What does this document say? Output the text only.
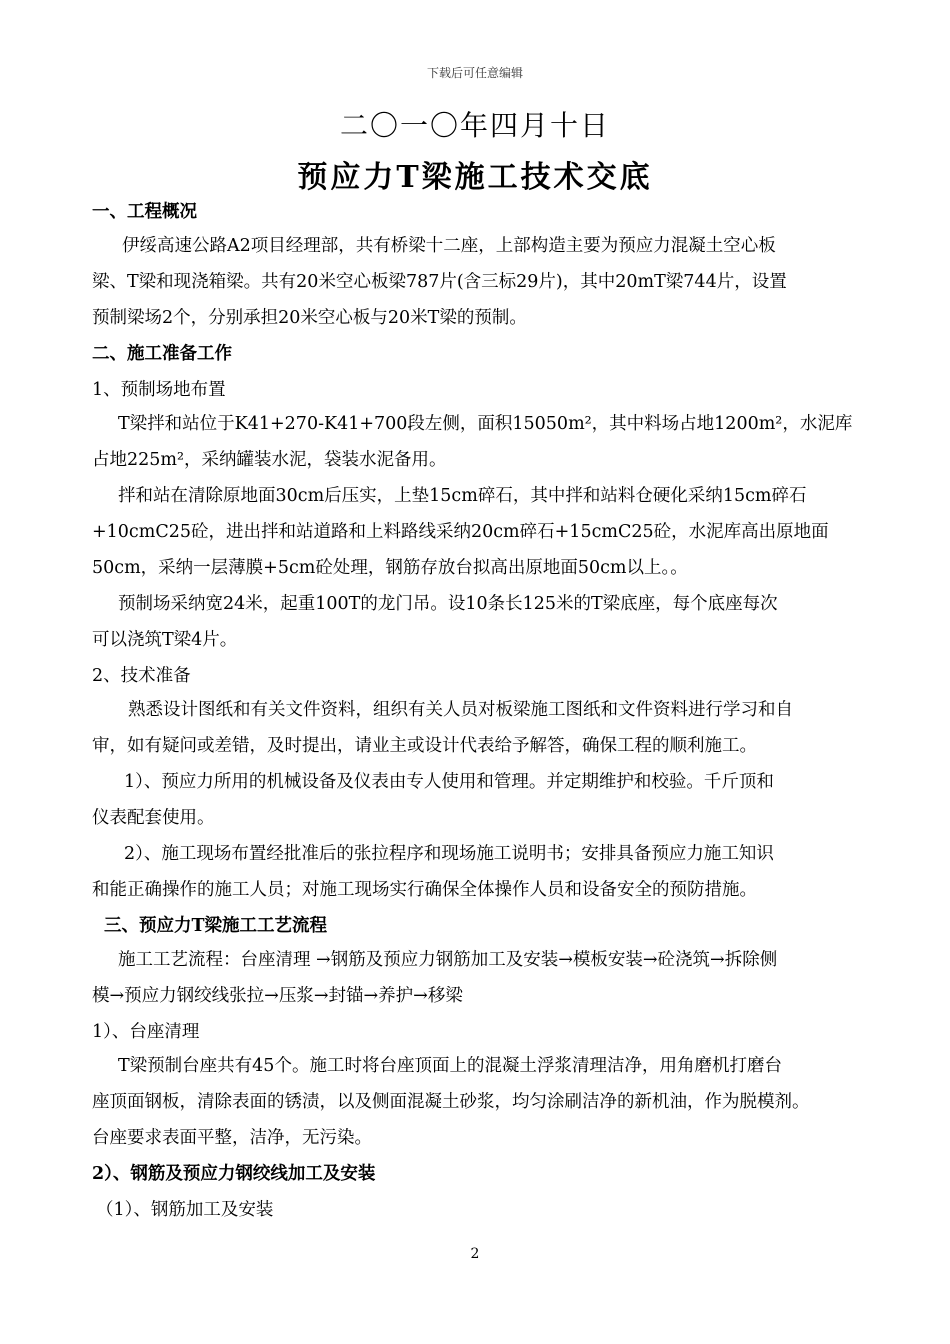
下载后可任意编辑
二〇一〇年四月十日
预应力T梁施工技术交底
一、工程概况
伊绥高速公路A2项目经理部，共有桥梁十二座，上部构造主要为预应力混凝土空心板
梁、T梁和现浇箱梁。共有20米空心板梁787片(含三标29片)，其中20mT梁744片，设置
预制梁场2个，分别承担20米空心板与20米T梁的预制。
二、施工准备工作
1、预制场地布置
T梁拌和站位于K41+270-K41+700段左侧，面积15050m²，其中料场占地1200m²，水泥库
占地225m²，采纳罐装水泥，袋装水泥备用。
拌和站在清除原地面30cm后压实，上垫15cm碎石，其中拌和站料仓硬化采纳15cm碎石
+10cmC25砼，进出拌和站道路和上料路线采纳20cm碎石+15cmC25砼，水泥库高出原地面
50cm，采纳一层薄膜+5cm砼处理，钢筋存放台拟高出原地面50cm以上。。
预制场采纳宽24米，起重100T的龙门吊。设10条长125米的T梁底座，每个底座每次
可以浇筑T梁4片。
2、技术准备
熟悉设计图纸和有关文件资料，组织有关人员对板梁施工图纸和文件资料进行学习和自
审，如有疑问或差错，及时提出，请业主或设计代表给予解答，确保工程的顺利施工。
1）、预应力所用的机械设备及仪表由专人使用和管理。并定期维护和校验。千斤顶和
仪表配套使用。
2）、施工现场布置经批准后的张拉程序和现场施工说明书；安排具备预应力施工知识
和能正确操作的施工人员；对施工现场实行确保全体操作人员和设备安全的预防措施。
三、预应力T梁施工工艺流程
施工工艺流程：台座清理 →钢筋及预应力钢筋加工及安装→模板安装→砼浇筑→拆除侧
模→预应力钢绞线张拉→压浆→封锚→养护→移梁
1）、台座清理
T梁预制台座共有45个。施工时将台座顶面上的混凝土浮浆清理洁净，用角磨机打磨台
座顶面钢板，清除表面的锈渍，以及侧面混凝土砂浆，均匀涂刷洁净的新机油，作为脱模剂。
台座要求表面平整，洁净，无污染。
2）、钢筋及预应力钢绞线加工及安装
（1）、钢筋加工及安装
2
